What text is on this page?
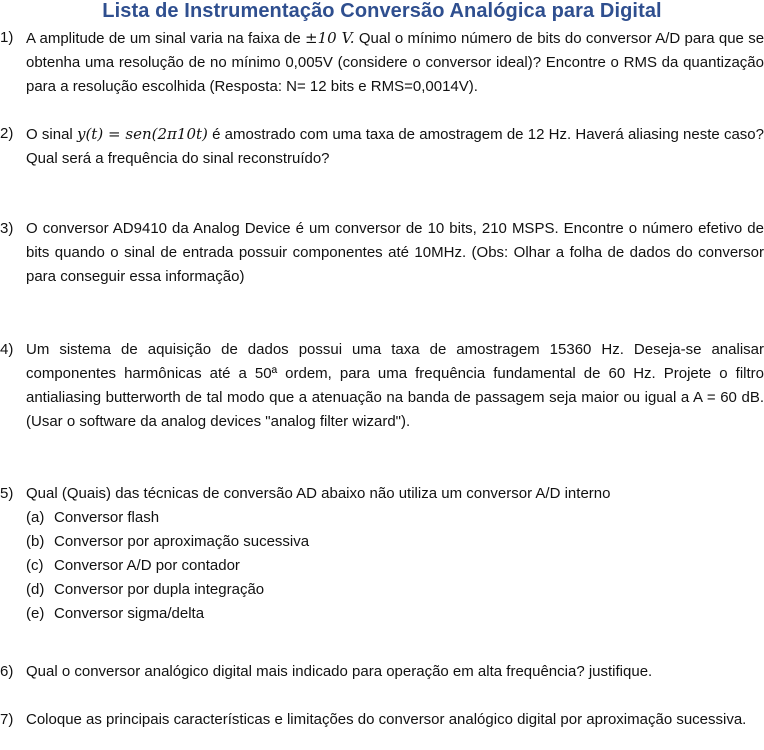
Lista de Instrumentação Conversão Analógica para Digital
1) A amplitude de um sinal varia na faixa de ±10 V. Qual o mínimo número de bits do conversor A/D para que se obtenha uma resolução de no mínimo 0,005V (considere o conversor ideal)? Encontre o RMS da quantização para a resolução escolhida (Resposta: N= 12 bits e RMS=0,0014V).
2) O sinal y(t) = sen(2π10t) é amostrado com uma taxa de amostragem de 12 Hz. Haverá aliasing neste caso? Qual será a frequência do sinal reconstruído?
3) O conversor AD9410 da Analog Device é um conversor de 10 bits, 210 MSPS. Encontre o número efetivo de bits quando o sinal de entrada possuir componentes até 10MHz. (Obs: Olhar a folha de dados do conversor para conseguir essa informação)
4) Um sistema de aquisição de dados possui uma taxa de amostragem 15360 Hz. Deseja-se analisar componentes harmônicas até a 50ª ordem, para uma frequência fundamental de 60 Hz. Projete o filtro antialiasing butterworth de tal modo que a atenuação na banda de passagem seja maior ou igual a A = 60 dB. (Usar o software da analog devices "analog filter wizard").
5) Qual (Quais) das técnicas de conversão AD abaixo não utiliza um conversor A/D interno
(a) Conversor flash
(b) Conversor por aproximação sucessiva
(c) Conversor A/D por contador
(d) Conversor por dupla integração
(e) Conversor sigma/delta
6) Qual o conversor analógico digital mais indicado para operação em alta frequência? justifique.
7) Coloque as principais características e limitações do conversor analógico digital por aproximação sucessiva.
